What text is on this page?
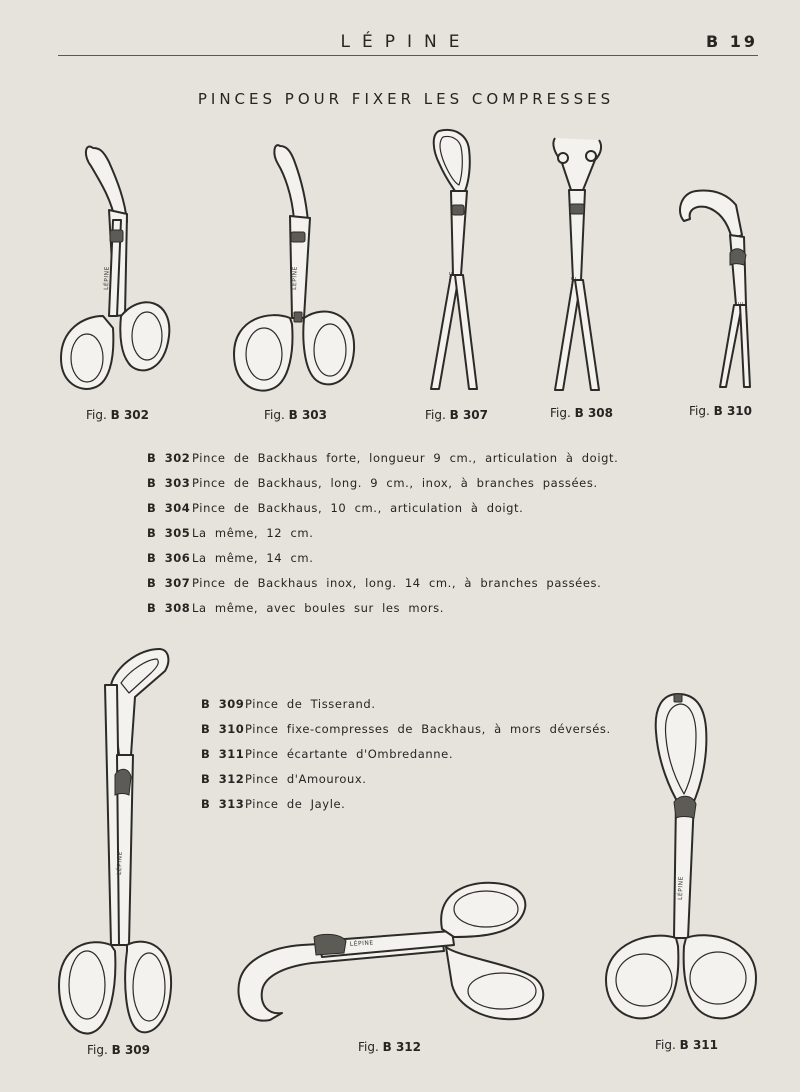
LÉPINE	B 19
PINCES POUR FIXER LES COMPRESSES
LÉPINE	LÉPINE
LÉPINE
LÉPINE
LÉPINE
Fig. B 302	Fig. B 303	Fig. B 307	Fig. B 308	Fig. B 310
Fig. B 309	Fig. B 312	Fig. B 311
B 302 Pince de Backhaus forte, longueur 9 cm., articulation à doigt.
B 303 Pince de Backhaus, long. 9 cm., inox, à branches passées.
B 304 Pince de Backhaus, 10 cm., articulation à doigt.
B 305 La même, 12 cm.
B 306 La même, 14 cm.
B 307 Pince de Backhaus inox, long. 14 cm., à branches passées.
B 308 La même, avec boules sur les mors.
B 309 Pince de Tisserand.
B 310 Pince fixe-compresses de Backhaus, à mors déversés.
B 311 Pince écartante d'Ombredanne.
B 312 Pince d'Amouroux.
B 313 Pince de Jayle.
